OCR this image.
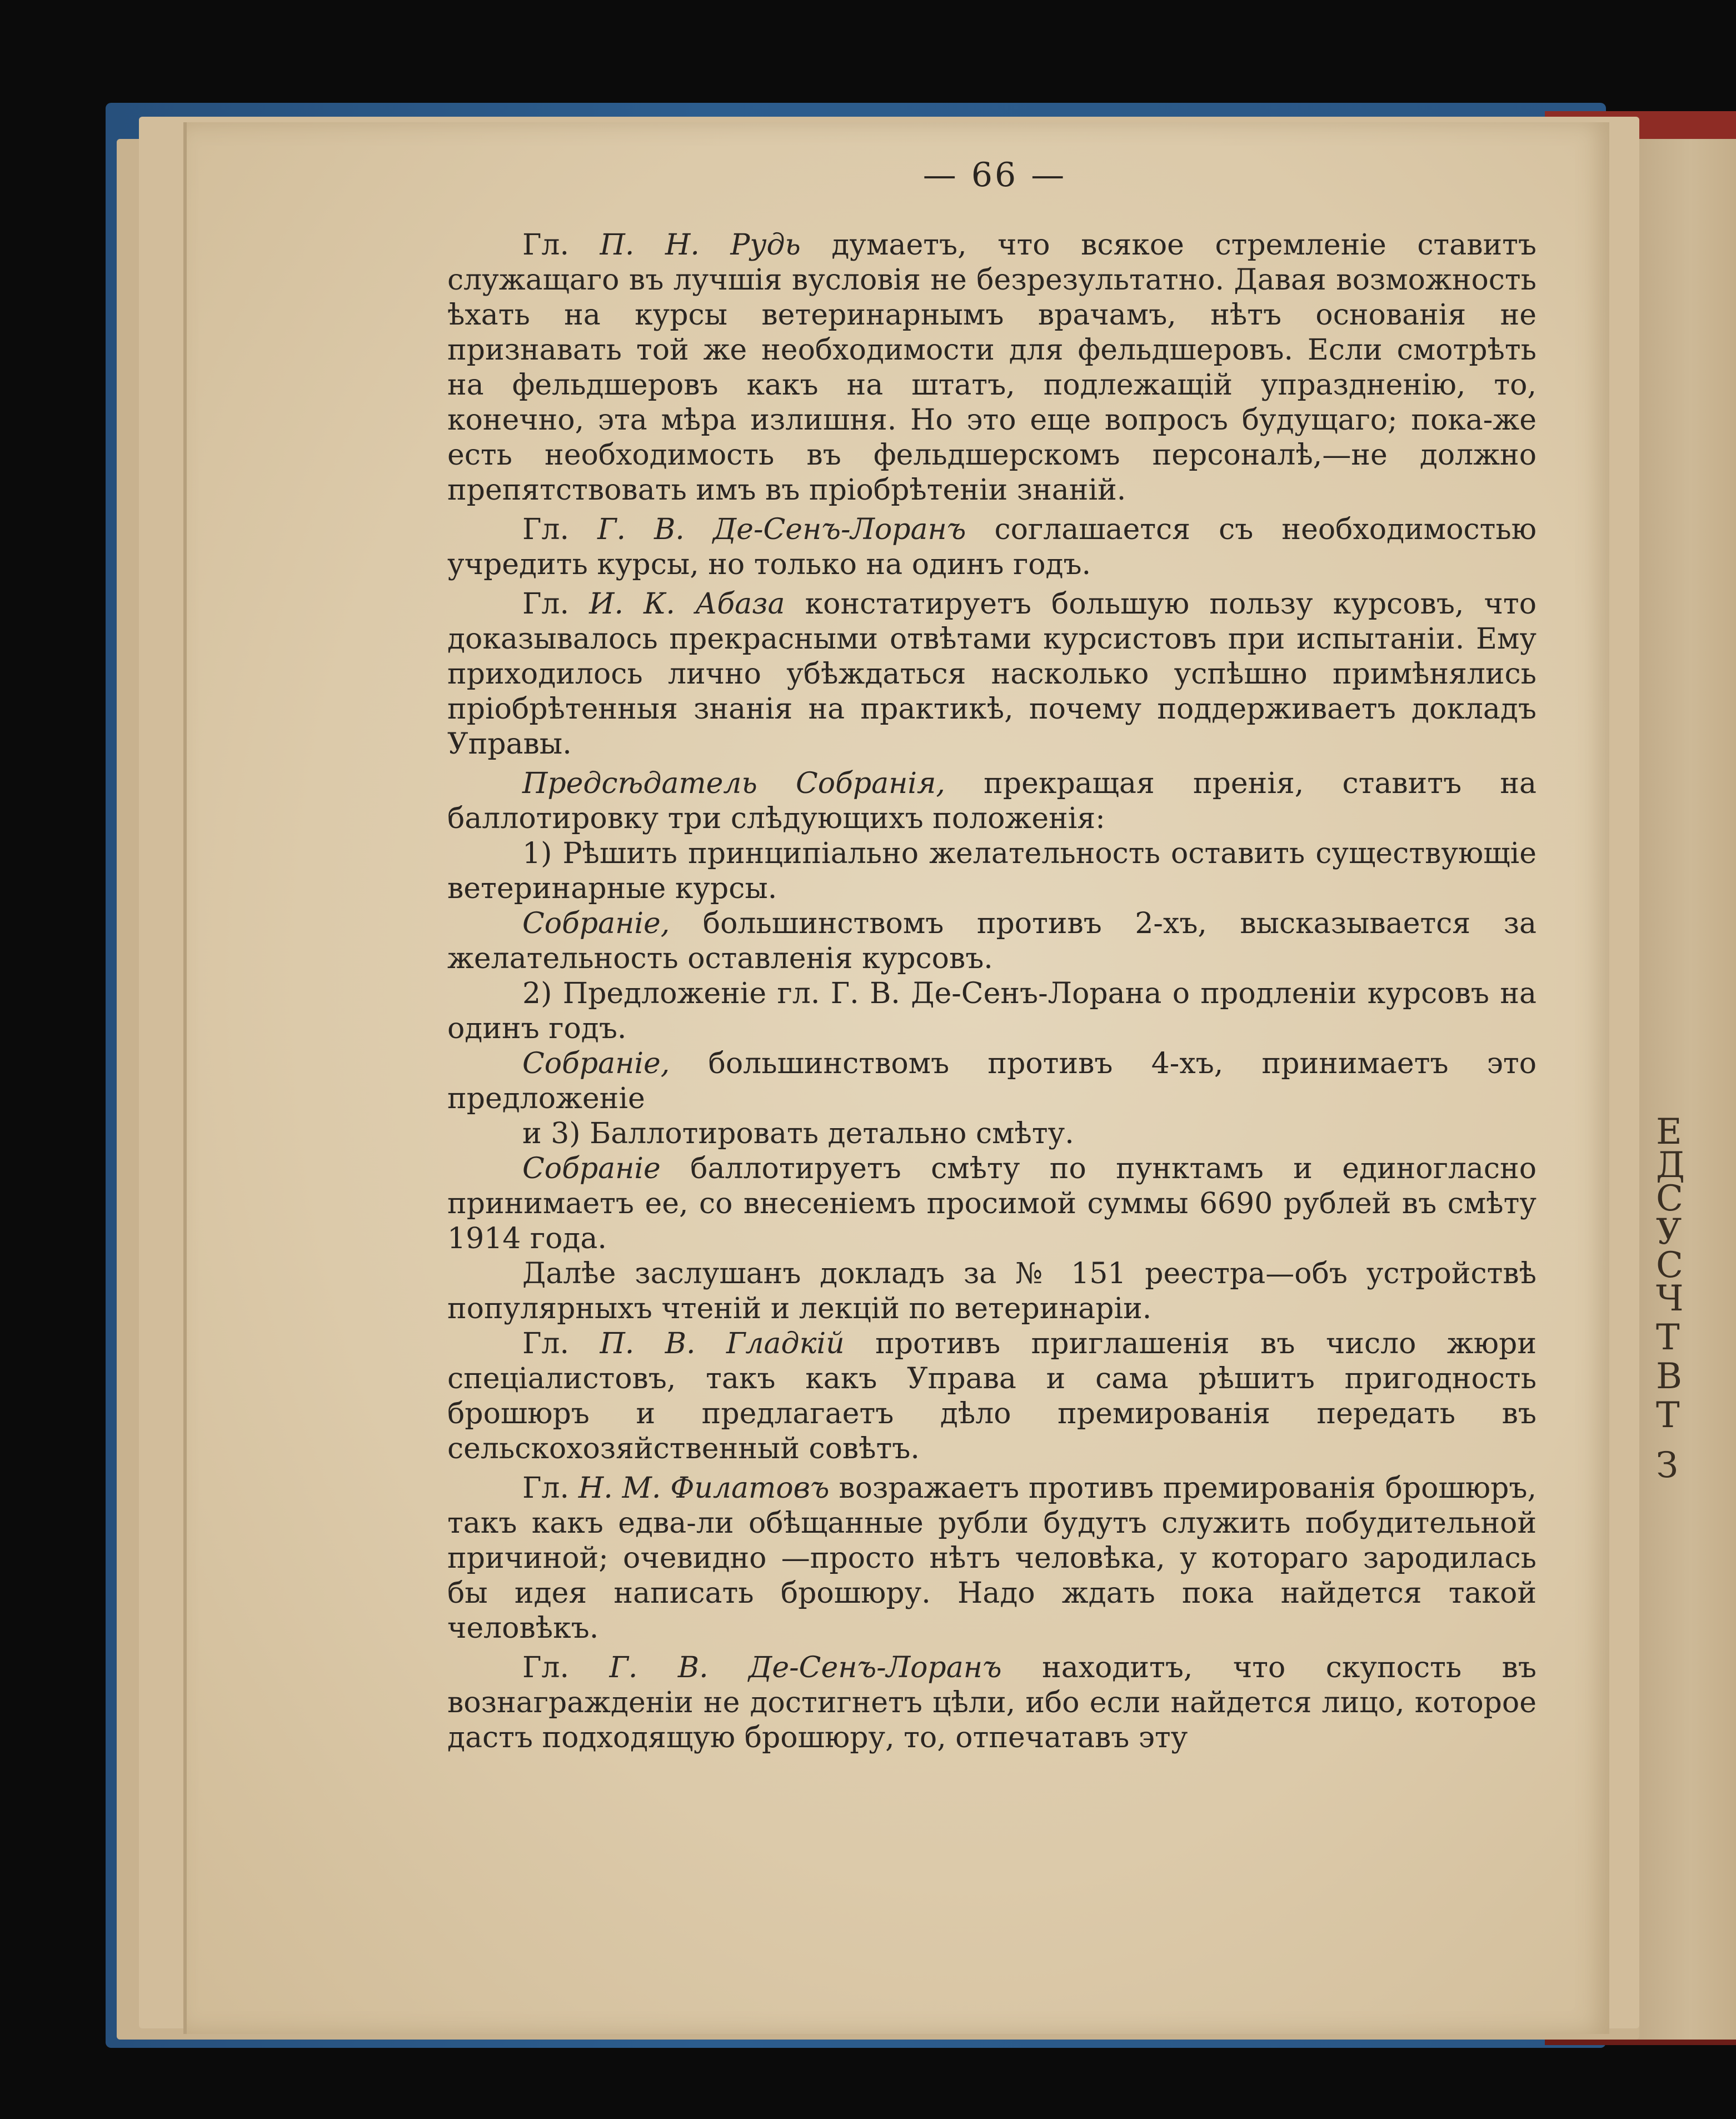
Е
Д
С
У
С
Ч
Т
В
Т
З
— 66 —

Гл. П. Н. Рудь думаетъ, что всякое стремленіе ставитъ служащаго въ лучшія вусловія не безрезультатно. Давая возможность ѣхать на курсы ветеринарнымъ врачамъ, нѣтъ основанія не признавать той же необходимости для фельдшеровъ. Если смотрѣть на фельдшеровъ какъ на штатъ, подлежащій упраздненію, то, конечно, эта мѣра излишня. Но это еще вопросъ будущаго; пока-же есть необходимость въ фельдшерскомъ персоналѣ,—не должно препятствовать имъ въ пріобрѣтеніи знаній.

Гл. Г. В. Де-Сенъ-Лоранъ соглашается съ необходимостью учредить курсы, но только на одинъ годъ.

Гл. И. К. Абаза констатируетъ большую пользу курсовъ, что доказывалось прекрасными отвѣтами курсистовъ при испытаніи. Ему приходилось лично убѣждаться насколько успѣшно примѣнялись пріобрѣтенныя знанія на практикѣ, почему поддерживаетъ докладъ Управы.

Предсѣдатель Собранія, прекращая пренія, ставитъ на баллотировку три слѣдующихъ положенія:

1) Рѣшить принципіально желательность оставить существующіе ветеринарные курсы.

Собраніе, большинствомъ противъ 2-хъ, высказывается за желательность оставленія курсовъ.

2) Предложеніе гл. Г. В. Де-Сенъ-Лорана о продленіи курсовъ на одинъ годъ.

Собраніе, большинствомъ противъ 4-хъ, принимаетъ это предложеніе

и 3) Баллотировать детально смѣту.

Собраніе баллотируетъ смѣту по пунктамъ и единогласно принимаетъ ее, со внесеніемъ просимой суммы 6690 рублей въ смѣту 1914 года.

Далѣе заслушанъ докладъ за № 151 реестра—объ устройствѣ популярныхъ чтеній и лекцій по ветеринаріи.

Гл. П. В. Гладкій противъ приглашенія въ число жюри спеціалистовъ, такъ какъ Управа и сама рѣшитъ пригодность брошюръ и предлагаетъ дѣло премированія передать въ сельскохозяйственный совѣтъ.

Гл. Н. М. Филатовъ возражаетъ противъ премированія брошюръ, такъ какъ едва-ли обѣщанные рубли будутъ служить побудительной причиной; очевидно —просто нѣтъ человѣка, у котораго зародилась бы идея написать брошюру. Надо ждать пока найдется такой человѣкъ.

Гл. Г. В. Де-Сенъ-Лоранъ находитъ, что скупость въ вознагражденіи не достигнетъ цѣли, ибо если найдется лицо, которое дастъ подходящую брошюру, то, отпечатавъ эту
